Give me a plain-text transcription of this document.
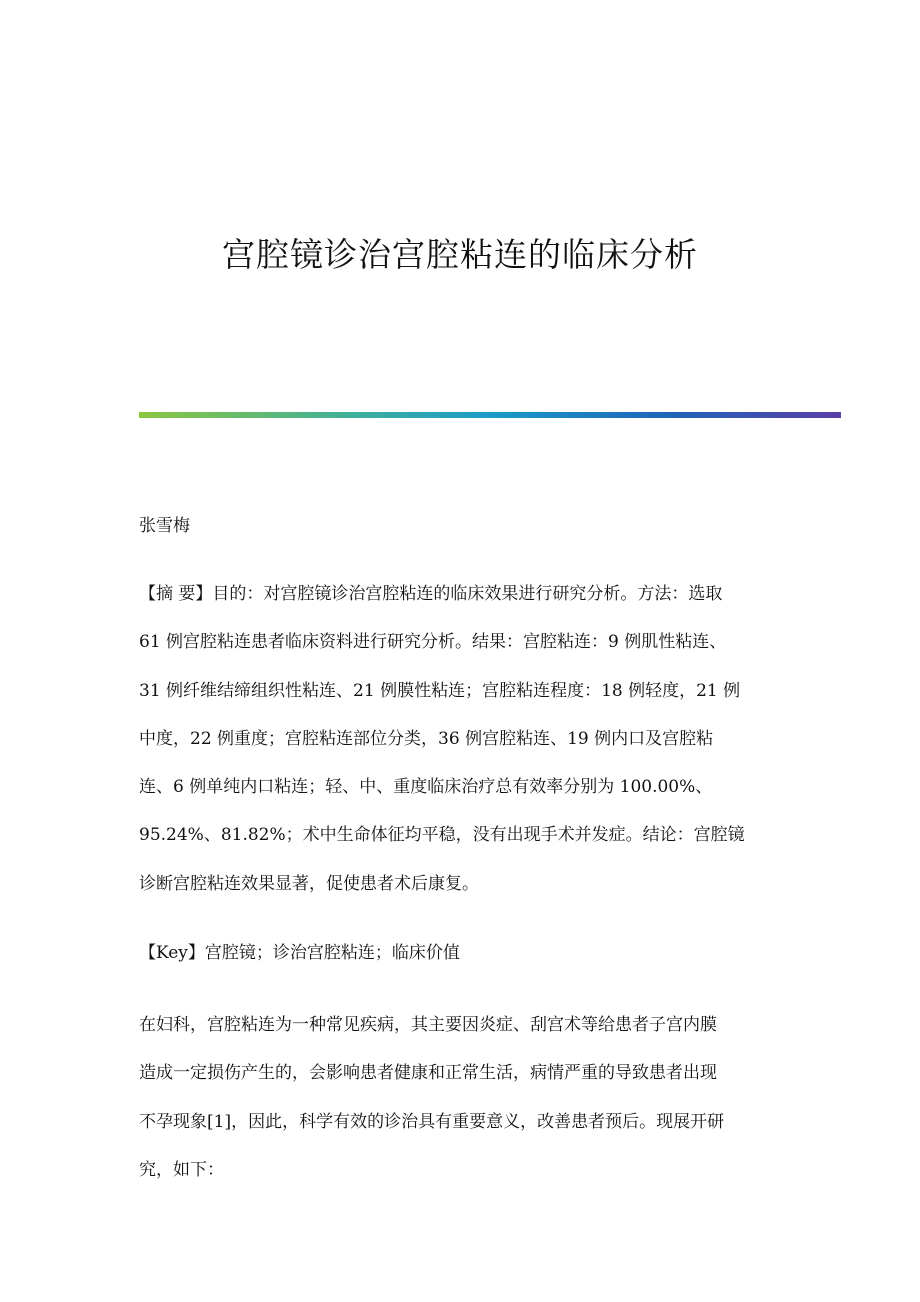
宫腔镜诊治宫腔粘连的临床分析
张雪梅

【摘 要】目的：对宫腔镜诊治宫腔粘连的临床效果进行研究分析。方法：选取
61 例宫腔粘连患者临床资料进行研究分析。结果：宫腔粘连：9 例肌性粘连、
31 例纤维结缔组织性粘连、21 例膜性粘连；宫腔粘连程度：18 例轻度，21 例
中度，22 例重度；宫腔粘连部位分类，36 例宫腔粘连、19 例内口及宫腔粘
连、6 例单纯内口粘连；轻、中、重度临床治疗总有效率分别为 100.00%、
95.24%、81.82%；术中生命体征均平稳，没有出现手术并发症。结论：宫腔镜
诊断宫腔粘连效果显著，促使患者术后康复。

【Key】宫腔镜；诊治宫腔粘连；临床价值

在妇科，宫腔粘连为一种常见疾病，其主要因炎症、刮宫术等给患者子宫内膜
造成一定损伤产生的，会影响患者健康和正常生活，病情严重的导致患者出现
不孕现象[1]，因此，科学有效的诊治具有重要意义，改善患者预后。现展开研
究，如下：
